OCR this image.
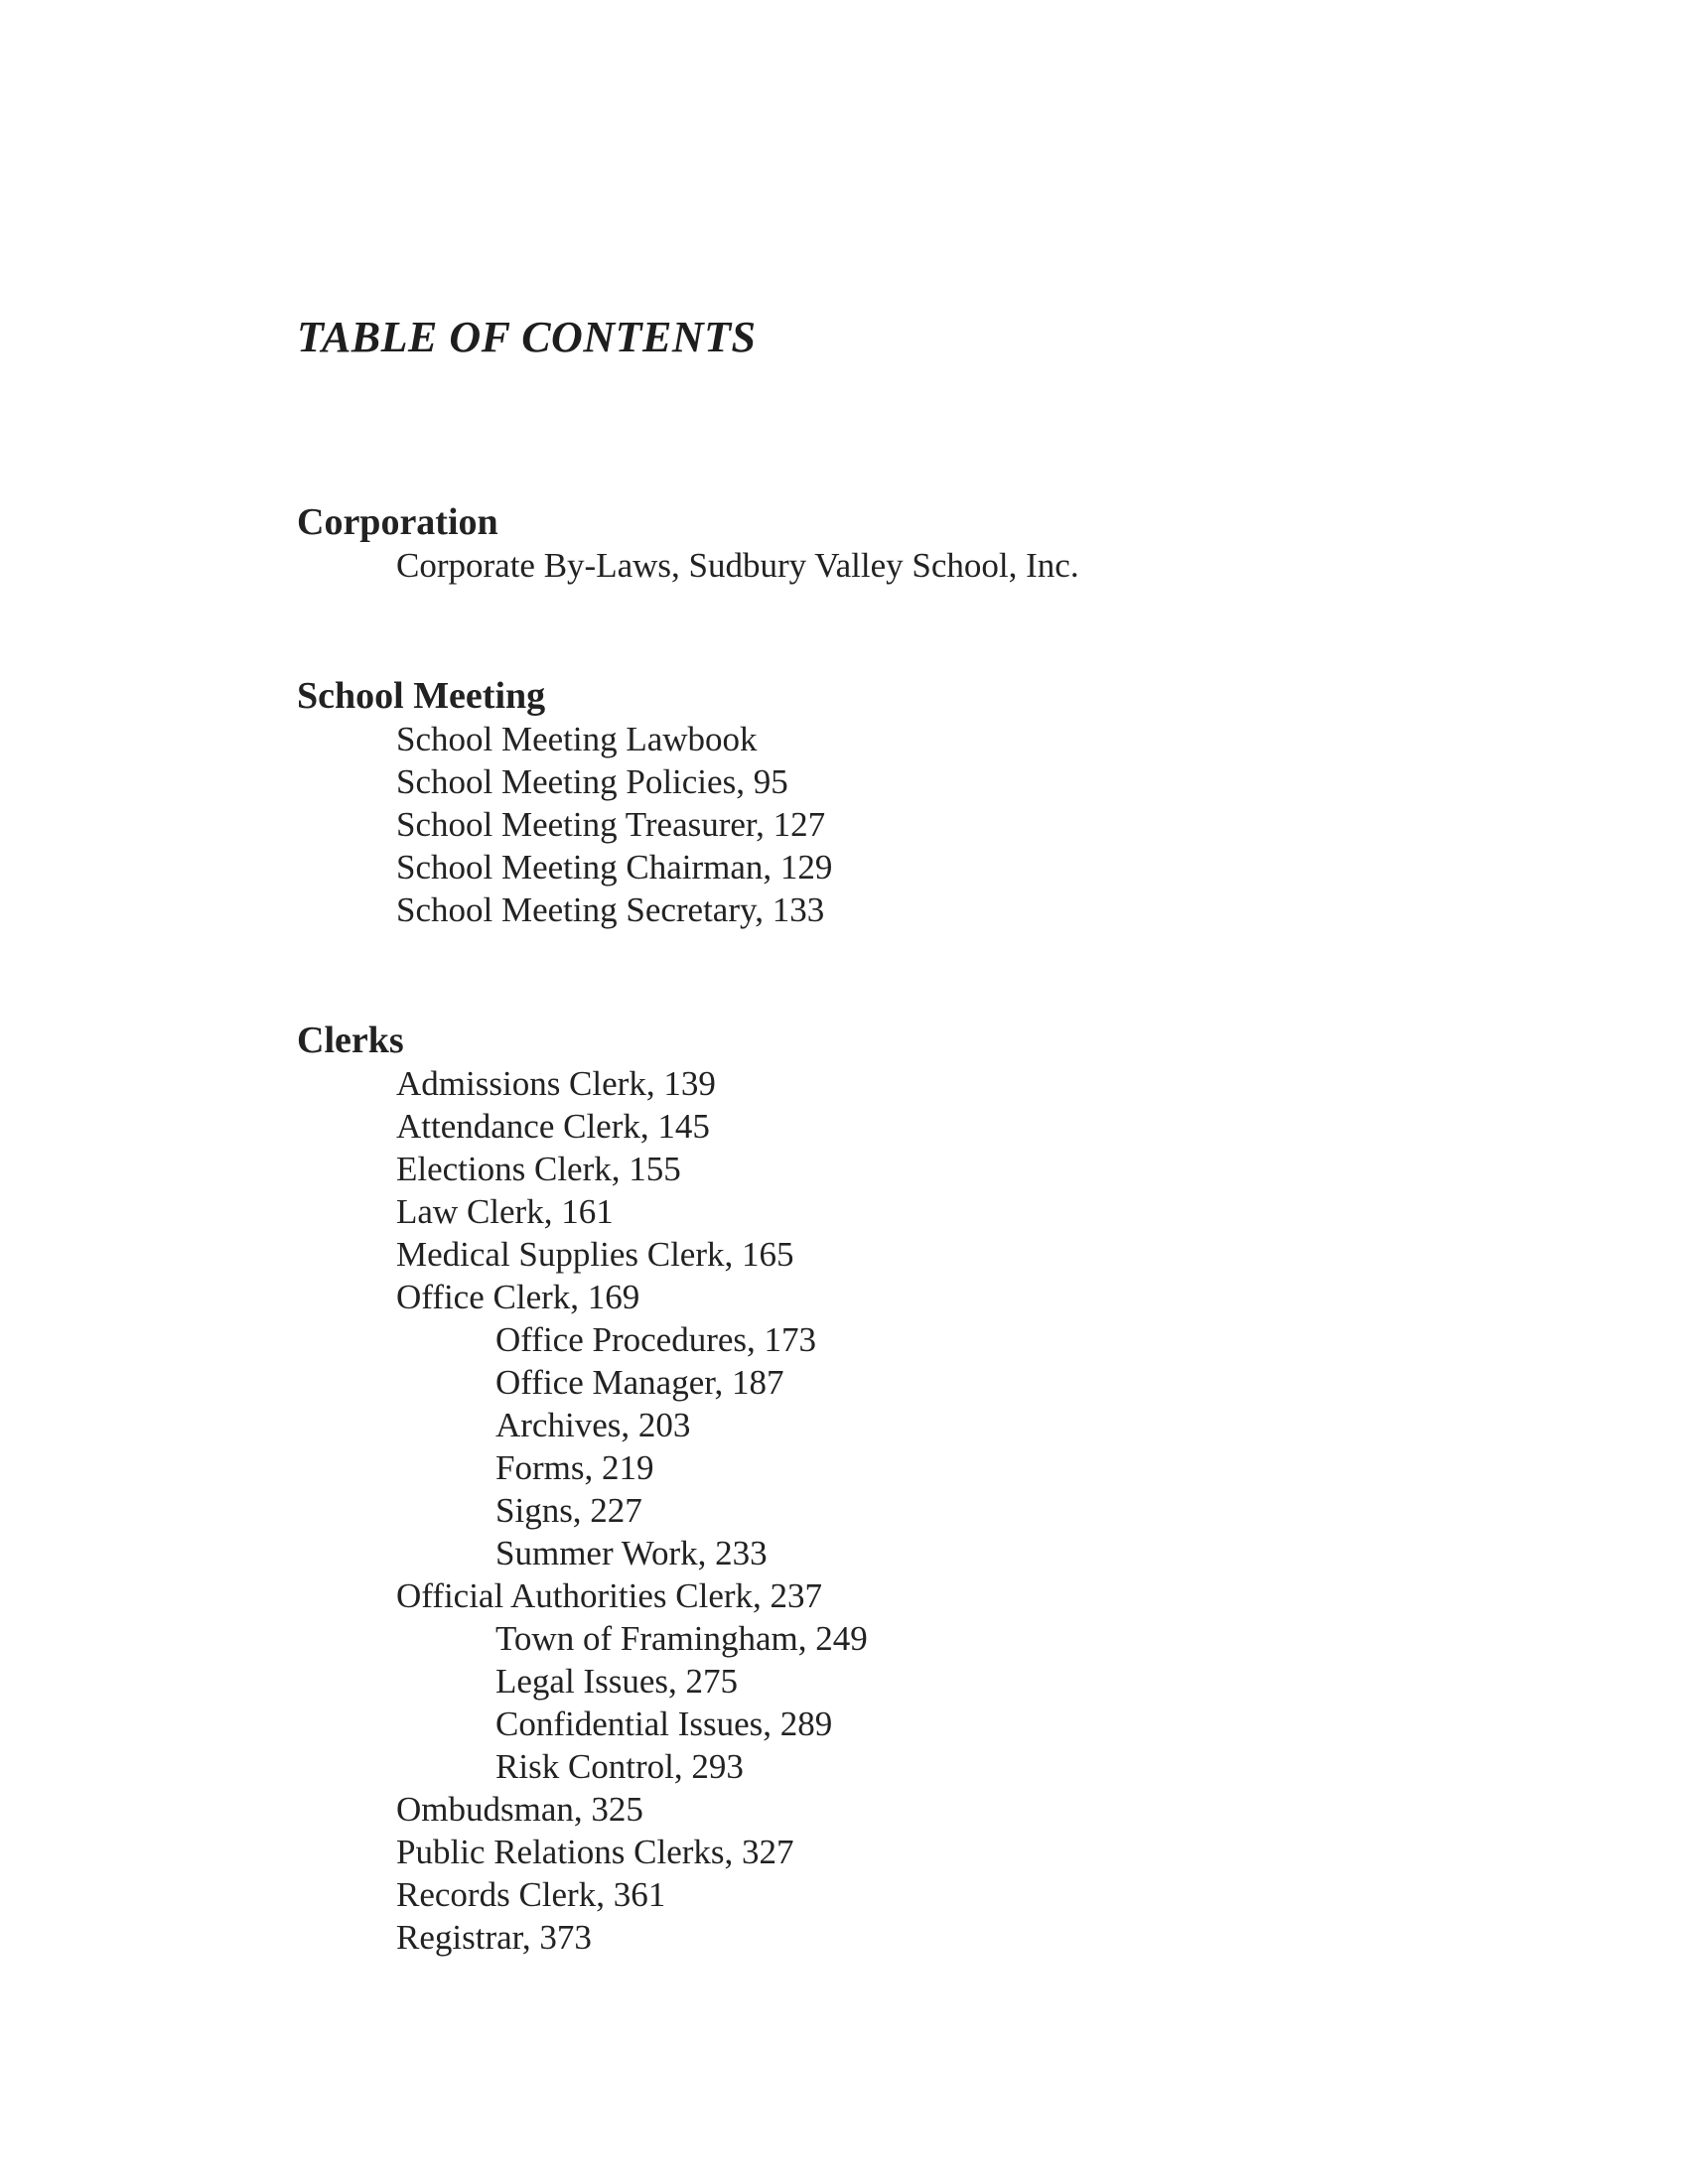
TABLE OF CONTENTS
Corporation
Corporate By-Laws, Sudbury Valley School, Inc.
School Meeting
School Meeting Lawbook
School Meeting Policies, 95
School Meeting Treasurer, 127
School Meeting Chairman, 129
School Meeting Secretary, 133
Clerks
Admissions Clerk, 139
Attendance Clerk, 145
Elections Clerk, 155
Law Clerk, 161
Medical Supplies Clerk, 165
Office Clerk, 169
Office Procedures, 173
Office Manager, 187
Archives, 203
Forms, 219
Signs, 227
Summer Work, 233
Official Authorities Clerk, 237
Town of Framingham, 249
Legal Issues, 275
Confidential Issues, 289
Risk Control, 293
Ombudsman, 325
Public Relations Clerks, 327
Records Clerk, 361
Registrar, 373
